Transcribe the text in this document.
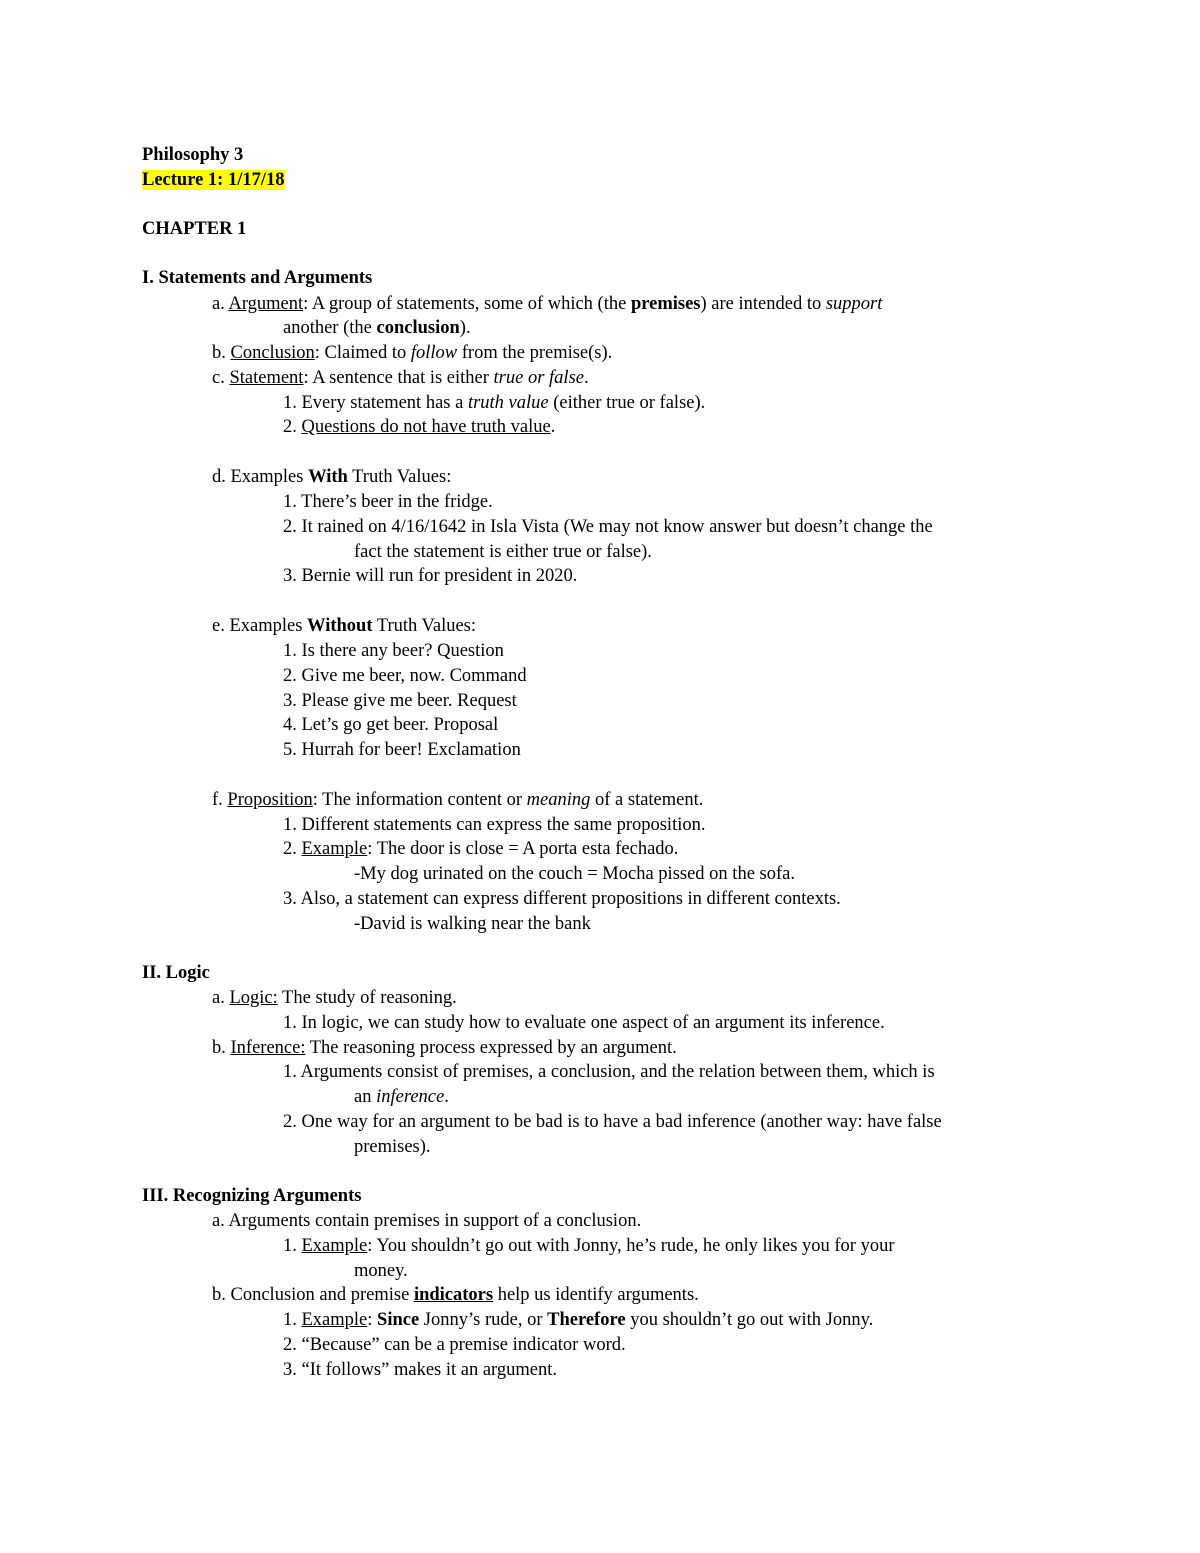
Philosophy 3
Lecture 1: 1/17/18
CHAPTER 1
I. Statements and Arguments
a. Argument: A group of statements, some of which (the premises) are intended to support
another (the conclusion).
b. Conclusion: Claimed to follow from the premise(s).
c. Statement: A sentence that is either true or false.
1. Every statement has a truth value (either true or false).
2. Questions do not have truth value.
d. Examples With Truth Values:
1. There’s beer in the fridge.
2. It rained on 4/16/1642 in Isla Vista (We may not know answer but doesn’t change the
fact the statement is either true or false).
3. Bernie will run for president in 2020.
e. Examples Without Truth Values:
1. Is there any beer? Question
2. Give me beer, now. Command
3. Please give me beer. Request
4. Let’s go get beer. Proposal
5. Hurrah for beer! Exclamation
f. Proposition: The information content or meaning of a statement.
1. Different statements can express the same proposition.
2. Example: The door is close = A porta esta fechado.
-My dog urinated on the couch = Mocha pissed on the sofa.
3. Also, a statement can express different propositions in different contexts.
-David is walking near the bank
II. Logic
a. Logic: The study of reasoning.
1. In logic, we can study how to evaluate one aspect of an argument its inference.
b. Inference: The reasoning process expressed by an argument.
1. Arguments consist of premises, a conclusion, and the relation between them, which is
an inference.
2. One way for an argument to be bad is to have a bad inference (another way: have false
premises).
III. Recognizing Arguments
a. Arguments contain premises in support of a conclusion.
1. Example: You shouldn’t go out with Jonny, he’s rude, he only likes you for your
money.
b. Conclusion and premise indicators help us identify arguments.
1. Example: Since Jonny’s rude, or Therefore you shouldn’t go out with Jonny.
2. “Because” can be a premise indicator word.
3. “It follows” makes it an argument.
